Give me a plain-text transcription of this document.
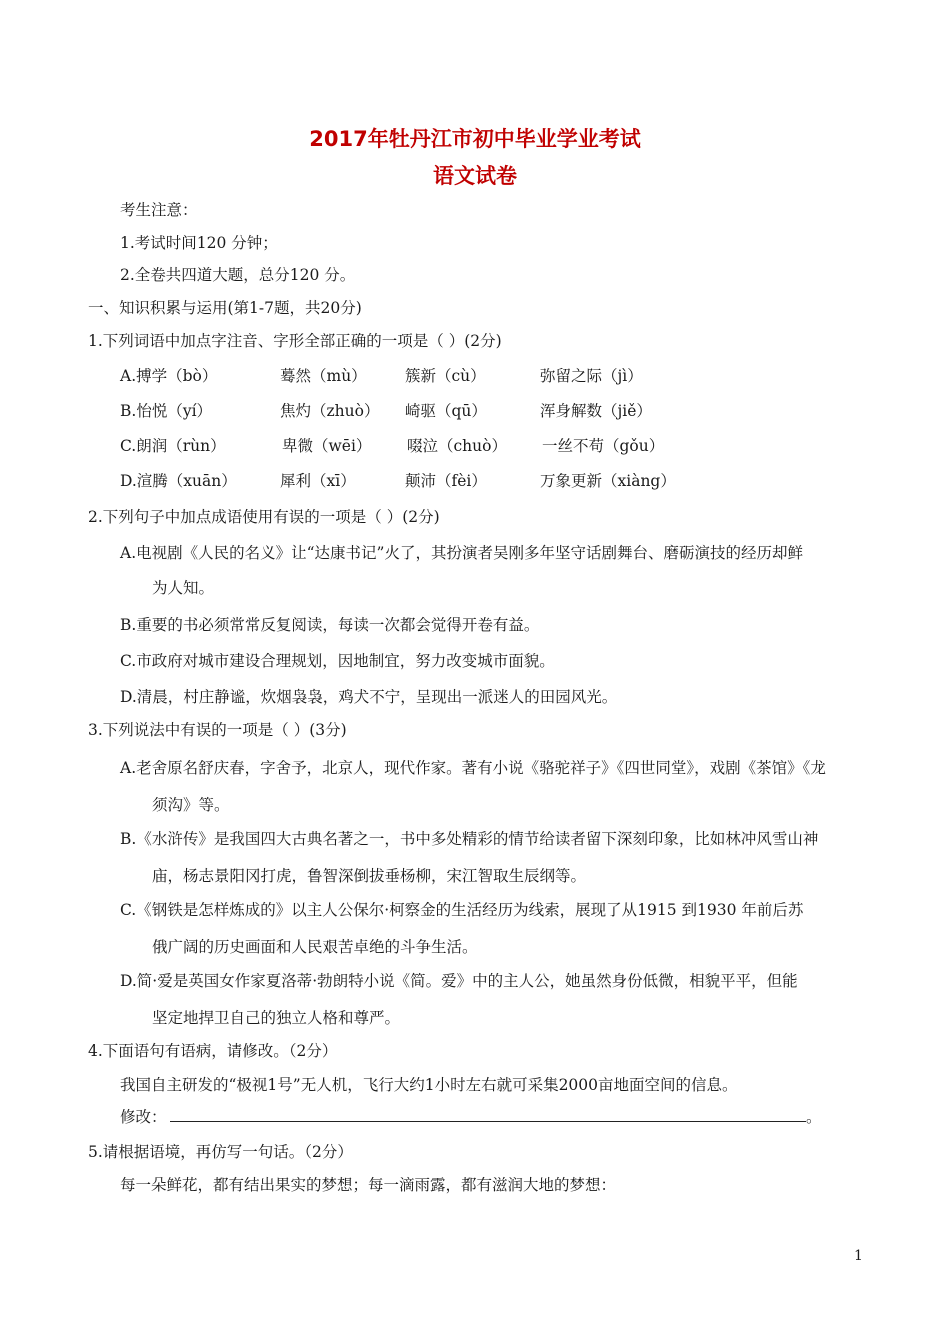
2017年牡丹江市初中毕业学业考试
语文试卷
考生注意：
1.考试时间120 分钟；
2.全卷共四道大题，总分120 分。
一、知识积累与运用(第1-7题，共20分)
1.下列词语中加点字注音、字形全部正确的一项是（ ）(2分)
A.搏学（bò）	蓦然（mù） 簇新（cù）	弥留之际（jì）
B.怡悦（yí）	焦灼（zhuò） 崎驱（qū）	浑身解数（jiě）
C.朗润（rùn）	卑微（wēi） 啜泣（chuò） 一丝不苟（gǒu）
D.渲腾（xuān）	犀利（xī）	颠沛（fèi）	万象更新（xiàng）
2.下列句子中加点成语使用有误的一项是（ ）(2分)
A.电视剧《人民的名义》让“达康书记”火了，其扮演者吴刚多年坚守话剧舞台、磨砺演技的经历却鲜
为人知。
B.重要的书必须常常反复阅读，每读一次都会觉得开卷有益。
C.市政府对城市建设合理规划，因地制宜，努力改变城市面貌。
D.清晨，村庄静谧，炊烟袅袅，鸡犬不宁，呈现出一派迷人的田园风光。
3.下列说法中有误的一项是（ ）(3分)
A.老舍原名舒庆春，字舍予，北京人，现代作家。著有小说《骆驼祥子》《四世同堂》，戏剧《茶馆》《龙
须沟》等。
B.《水浒传》是我国四大古典名著之一，书中多处精彩的情节给读者留下深刻印象，比如林冲风雪山神
庙，杨志景阳冈打虎，鲁智深倒拔垂杨柳，宋江智取生辰纲等。
C.《钢铁是怎样炼成的》以主人公保尔·柯察金的生活经历为线索，展现了从1915 到1930 年前后苏
俄广阔的历史画面和人民艰苦卓绝的斗争生活。
D.简·爱是英国女作家夏洛蒂·勃朗特小说《简。爱》中的主人公，她虽然身份低微，相貌平平，但能
坚定地捍卫自己的独立人格和尊严。
4.下面语句有语病，请修改。（2分）
我国自主研发的“极视1号”无人机，飞行大约1小时左右就可采集2000亩地面空间的信息。
修改：	。
5.请根据语境，再仿写一句话。（2分）
每一朵鲜花，都有结出果实的梦想；每一滴雨露，都有滋润大地的梦想：
1
